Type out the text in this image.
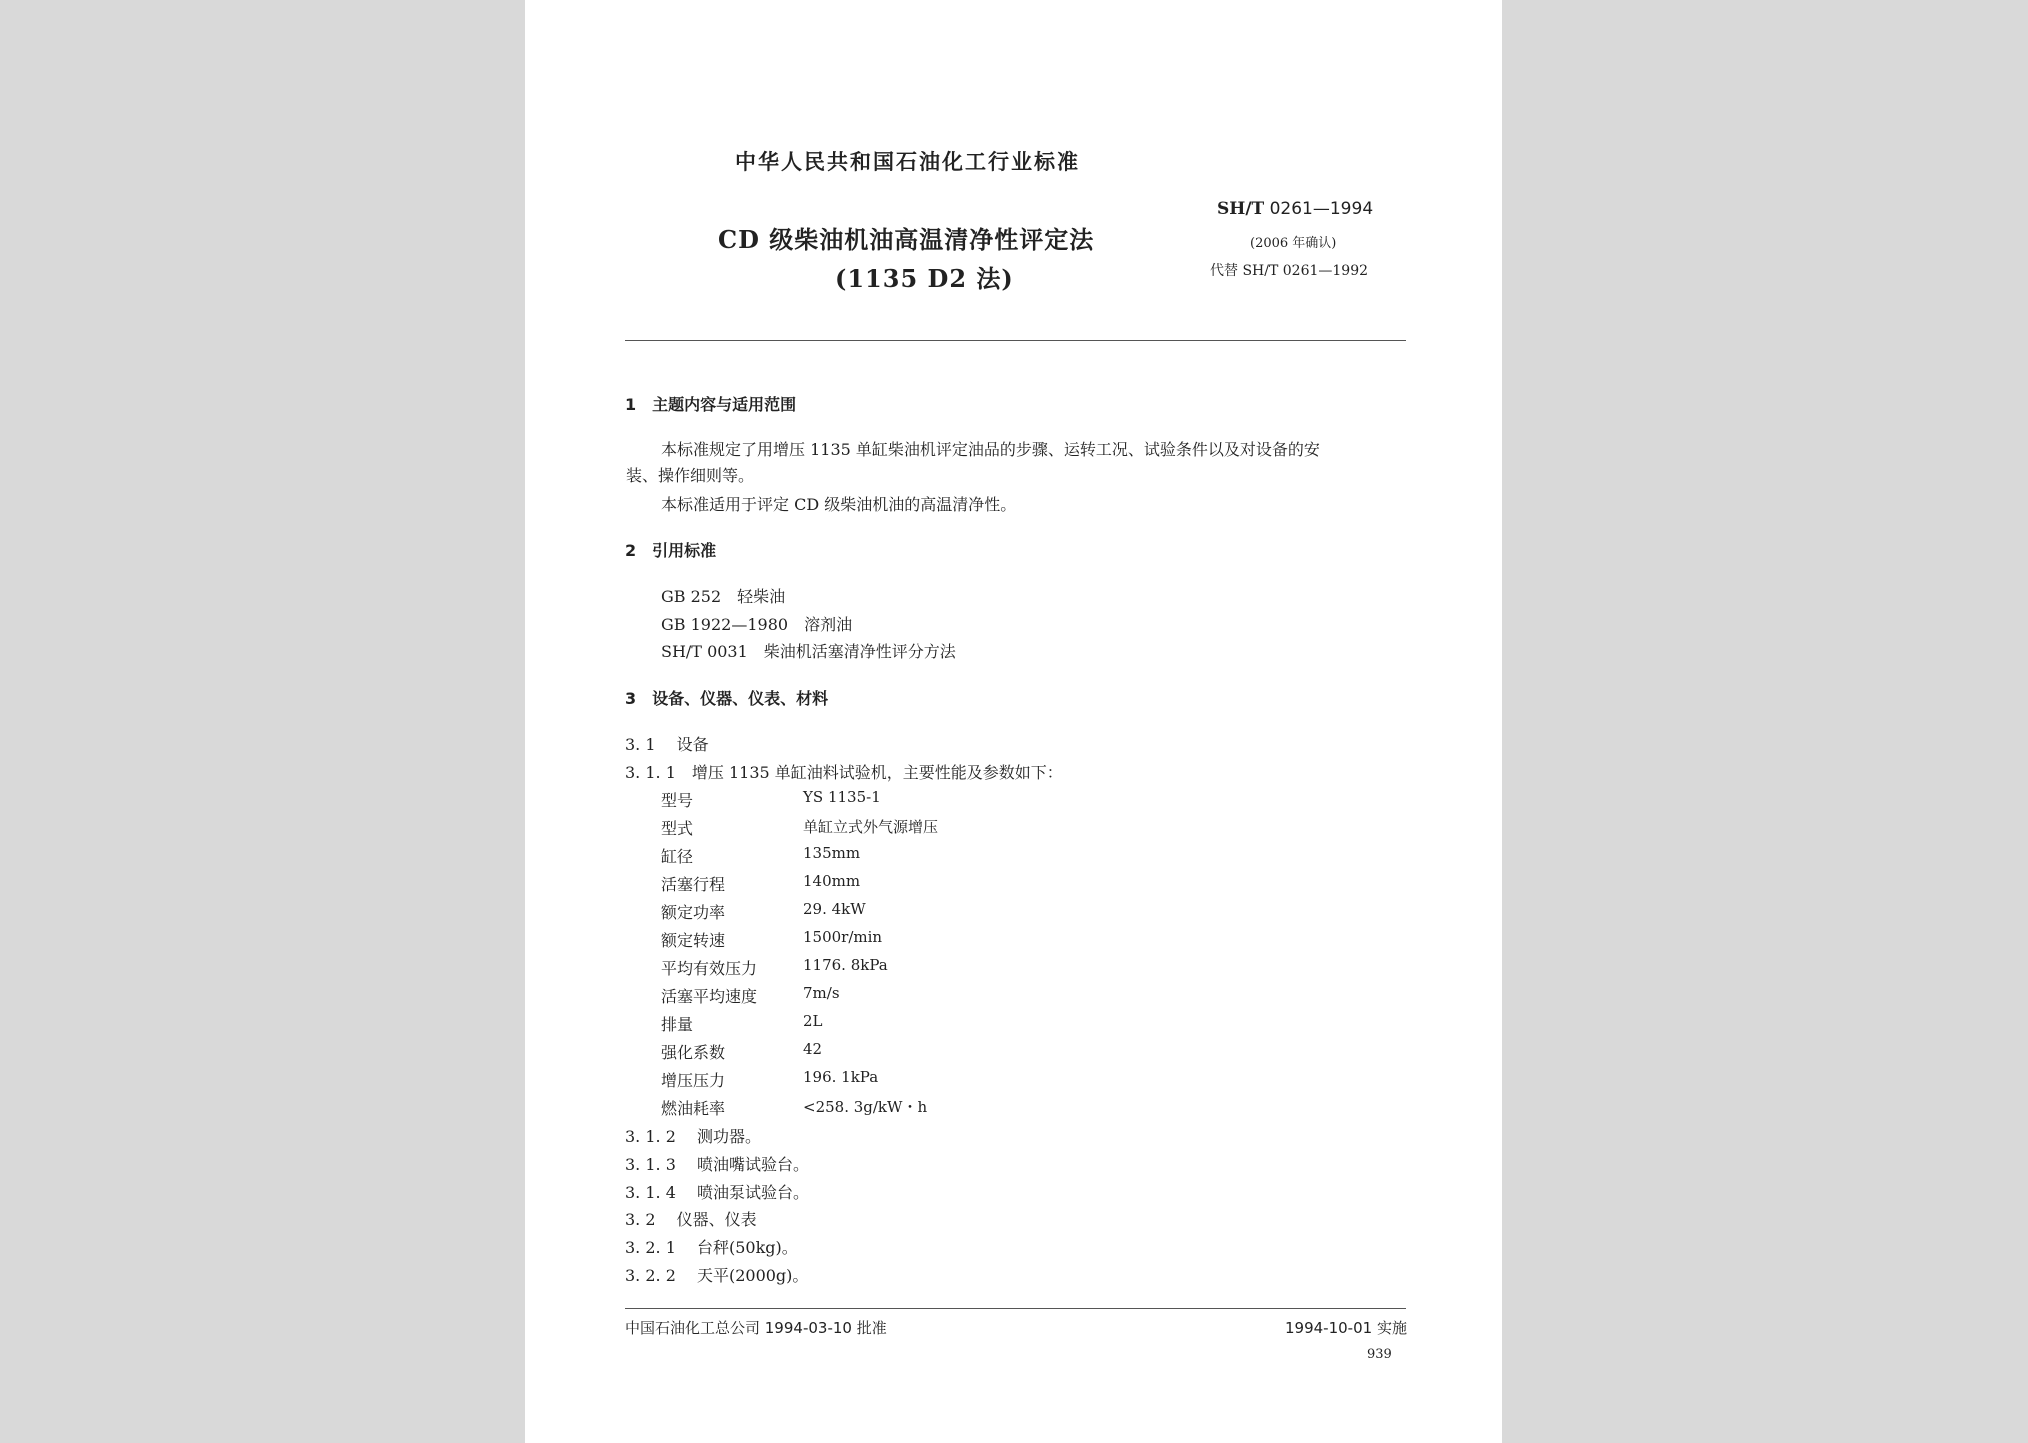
中华人民共和国石油化工行业标准
CD 级柴油机油高温清净性评定法
(1135 D2 法)
SH/T 0261—1994
(2006 年确认)
代替 SH/T 0261—1992
1　主题内容与适用范围
本标准规定了用增压 1135 单缸柴油机评定油品的步骤、运转工况、试验条件以及对设备的安
装、操作细则等。
本标准适用于评定 CD 级柴油机油的高温清净性。
2　引用标准
GB 252　轻柴油
GB 1922—1980　溶剂油
SH/T 0031　柴油机活塞清净性评分方法
3　设备、仪器、仪表、材料
3. 1　 设备
3. 1. 1　增压 1135 单缸油料试验机，主要性能及参数如下：
型号	YS 1135-1
型式	单缸立式外气源增压
缸径	135mm
活塞行程	140mm
额定功率	29. 4kW
额定转速	1500r/min
平均有效压力	1176. 8kPa
活塞平均速度	7m/s
排量	2L
强化系数	42
增压压力	196. 1kPa
燃油耗率	<258. 3g/kW・h
3. 1. 2　 测功器。
3. 1. 3　 喷油嘴试验台。
3. 1. 4　 喷油泵试验台。
3. 2　 仪器、仪表
3. 2. 1　 台秤(50kg)。
3. 2. 2　 天平(2000g)。
中国石油化工总公司 1994-03-10 批准	1994-10-01 实施
939
